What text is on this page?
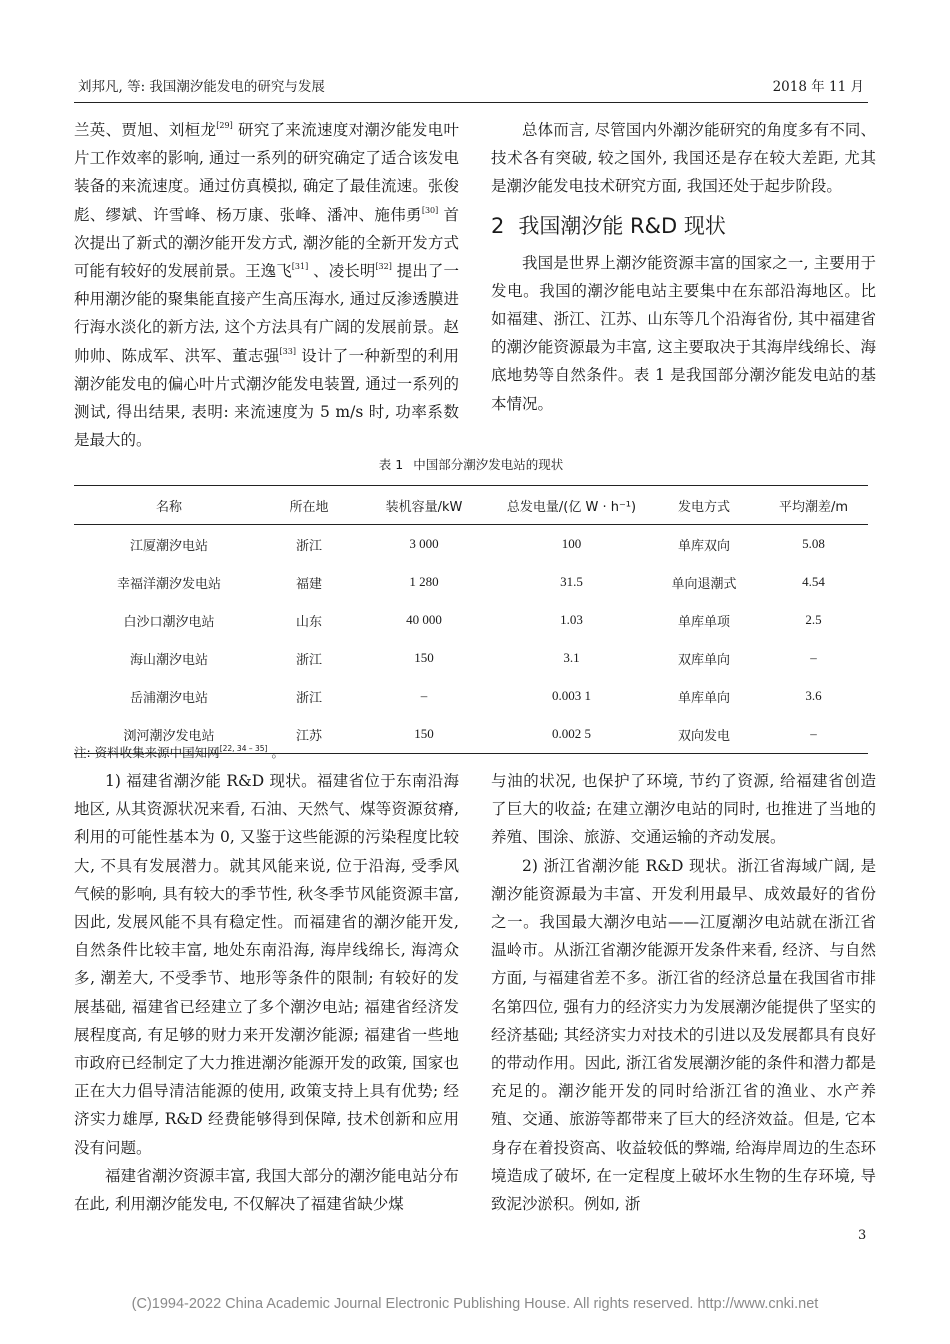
刘邦凡, 等: 我国潮汐能发电的研究与发展	2018 年 11 月

兰英、贾旭、刘桓龙[29] 研究了来流速度对潮汐能发电叶片工作效率的影响, 通过一系列的研究确定了适合该发电装备的来流速度。通过仿真模拟, 确定了最佳流速。张俊彪、缪斌、许雪峰、杨万康、张峰、潘冲、施伟勇[30] 首次提出了新式的潮汐能开发方式, 潮汐能的全新开发方式可能有较好的发展前景。王逸飞[31] 、凌长明[32] 提出了一种用潮汐能的聚集能直接产生高压海水, 通过反渗透膜进行海水淡化的新方法, 这个方法具有广阔的发展前景。赵帅帅、陈成军、洪军、董志强[33] 设计了一种新型的利用潮汐能发电的偏心叶片式潮汐能发电装置, 通过一系列的测试, 得出结果, 表明: 来流速度为 5 m/s 时, 功率系数是最大的。

总体而言, 尽管国内外潮汐能研究的角度多有不同、技术各有突破, 较之国外, 我国还是存在较大差距, 尤其是潮汐能发电技术研究方面, 我国还处于起步阶段。

2 我国潮汐能 R&D 现状

我国是世界上潮汐能资源丰富的国家之一, 主要用于发电。我国的潮汐能电站主要集中在东部沿海地区。比如福建、浙江、江苏、山东等几个沿海省份, 其中福建省的潮汐能资源最为丰富, 这主要取决于其海岸线绵长、海底地势等自然条件。表 1 是我国部分潮汐能发电站的基本情况。

表 1 中国部分潮汐发电站的现状
名称	所在地	装机容量/kW	总发电量/(亿 W · h⁻¹)	发电方式	平均潮差/m
江厦潮汐电站	浙江	3 000	100	单库双向	5.08
幸福洋潮汐发电站	福建	1 280	31.5	单向退潮式	4.54
白沙口潮汐电站	山东	40 000	1.03	单库单项	2.5
海山潮汐电站	浙江	150	3.1	双库单向	–
岳浦潮汐电站	浙江	–	0.003 1	单库单向	3.6
浏河潮汐发电站	江苏	150	0.002 5	双向发电	–
注: 资料收集来源中国知网[22, 34 – 35] 。

1) 福建省潮汐能 R&D 现状。福建省位于东南沿海地区, 从其资源状况来看, 石油、天然气、煤等资源贫瘠, 利用的可能性基本为 0, 又鉴于这些能源的污染程度比较大, 不具有发展潜力。就其风能来说, 位于沿海, 受季风气候的影响, 具有较大的季节性, 秋冬季节风能资源丰富, 因此, 发展风能不具有稳定性。而福建省的潮汐能开发, 自然条件比较丰富, 地处东南沿海, 海岸线绵长, 海湾众多, 潮差大, 不受季节、地形等条件的限制; 有较好的发展基础, 福建省已经建立了多个潮汐电站; 福建省经济发展程度高, 有足够的财力来开发潮汐能源; 福建省一些地市政府已经制定了大力推进潮汐能源开发的政策, 国家也正在大力倡导清洁能源的使用, 政策支持上具有优势; 经济实力雄厚, R&D 经费能够得到保障, 技术创新和应用没有问题。

福建省潮汐资源丰富, 我国大部分的潮汐能电站分布在此, 利用潮汐能发电, 不仅解决了福建省缺少煤

与油的状况, 也保护了环境, 节约了资源, 给福建省创造了巨大的收益; 在建立潮汐电站的同时, 也推进了当地的养殖、围涂、旅游、交通运输的齐动发展。

2) 浙江省潮汐能 R&D 现状。浙江省海域广阔, 是潮汐能资源最为丰富、开发利用最早、成效最好的省份之一。我国最大潮汐电站——江厦潮汐电站就在浙江省温岭市。从浙江省潮汐能源开发条件来看, 经济、与自然方面, 与福建省差不多。浙江省的经济总量在我国省市排名第四位, 强有力的经济实力为发展潮汐能提供了坚实的经济基础; 其经济实力对技术的引进以及发展都具有良好的带动作用。因此, 浙江省发展潮汐能的条件和潜力都是充足的。潮汐能开发的同时给浙江省的渔业、水产养殖、交通、旅游等都带来了巨大的经济效益。但是, 它本身存在着投资高、收益较低的弊端, 给海岸周边的生态环境造成了破坏, 在一定程度上破坏水生物的生存环境, 导致泥沙淤积。例如, 浙

3
(C)1994-2022 China Academic Journal Electronic Publishing House. All rights reserved. http://www.cnki.net
